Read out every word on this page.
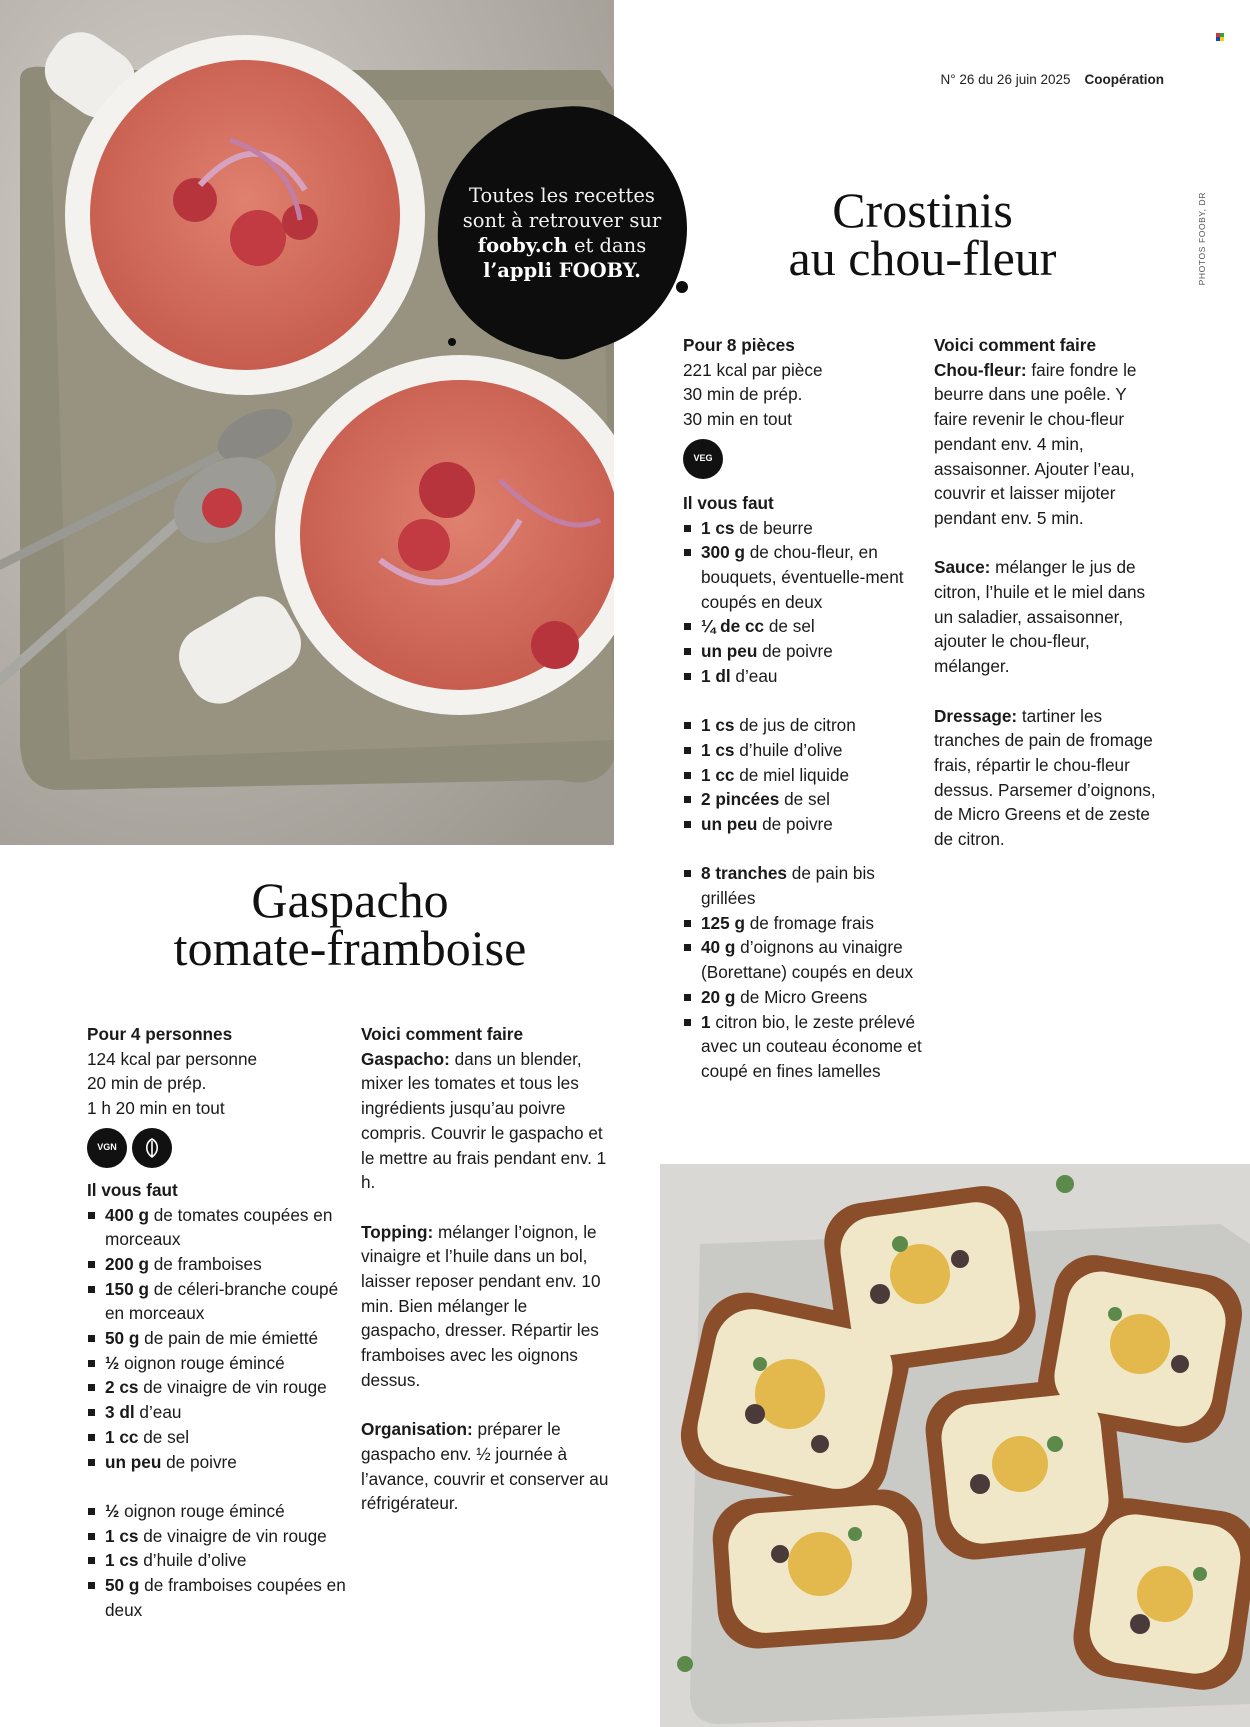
Toutes les recettes
sont à retrouver sur
fooby.ch et dans
l’appli FOOBY.
N° 26 du 26 juin 2025 Coopération
PHOTOS FOOBY, DR
Crostinis
au chou-fleur
Pour 8 pièces
221 kcal par pièce
30 min de prép.
30 min en tout
VEG
Il vous faut
1 cs de beurre
300 g de chou-fleur, en bouquets, éventuelle-ment coupés en deux
¼ de cc de sel
un peu de poivre
1 dl d’eau
1 cs de jus de citron
1 cs d’huile d’olive
1 cc de miel liquide
2 pincées de sel
un peu de poivre
8 tranches de pain bis grillées
125 g de fromage frais
40 g d’oignons au vinaigre (Borettane) coupés en deux
20 g de Micro Greens
1 citron bio, le zeste prélevé avec un couteau économe et coupé en fines lamelles
Voici comment faire
Chou-fleur: faire fondre le beurre dans une poêle. Y faire revenir le chou-fleur pendant env. 4 min, assaisonner. Ajouter l’eau, couvrir et laisser mijoter pendant env. 5 min.
Sauce: mélanger le jus de citron, l’huile et le miel dans un saladier, assaisonner, ajouter le chou-fleur, mélanger.
Dressage: tartiner les tranches de pain de fromage frais, répartir le chou-fleur dessus. Parsemer d’oignons, de Micro Greens et de zeste de citron.
Gaspacho
tomate-framboise
Pour 4 personnes
124 kcal par personne
20 min de prép.
1 h 20 min en tout
VGN
Il vous faut
400 g de tomates coupées en morceaux
200 g de framboises
150 g de céleri-branche coupé en morceaux
50 g de pain de mie émietté
½ oignon rouge émincé
2 cs de vinaigre de vin rouge
3 dl d’eau
1 cc de sel
un peu de poivre
½ oignon rouge émincé
1 cs de vinaigre de vin rouge
1 cs d’huile d’olive
50 g de framboises coupées en deux
Voici comment faire
Gaspacho: dans un blender, mixer les tomates et tous les ingrédients jusqu’au poivre compris. Couvrir le gaspacho et le mettre au frais pendant env. 1 h.
Topping: mélanger l’oignon, le vinaigre et l’huile dans un bol, laisser reposer pendant env. 10 min. Bien mélanger le gaspacho, dresser. Répartir les framboises avec les oignons dessus.
Organisation: préparer le gaspacho env. ½ journée à l’avance, couvrir et conserver au réfrigérateur.
